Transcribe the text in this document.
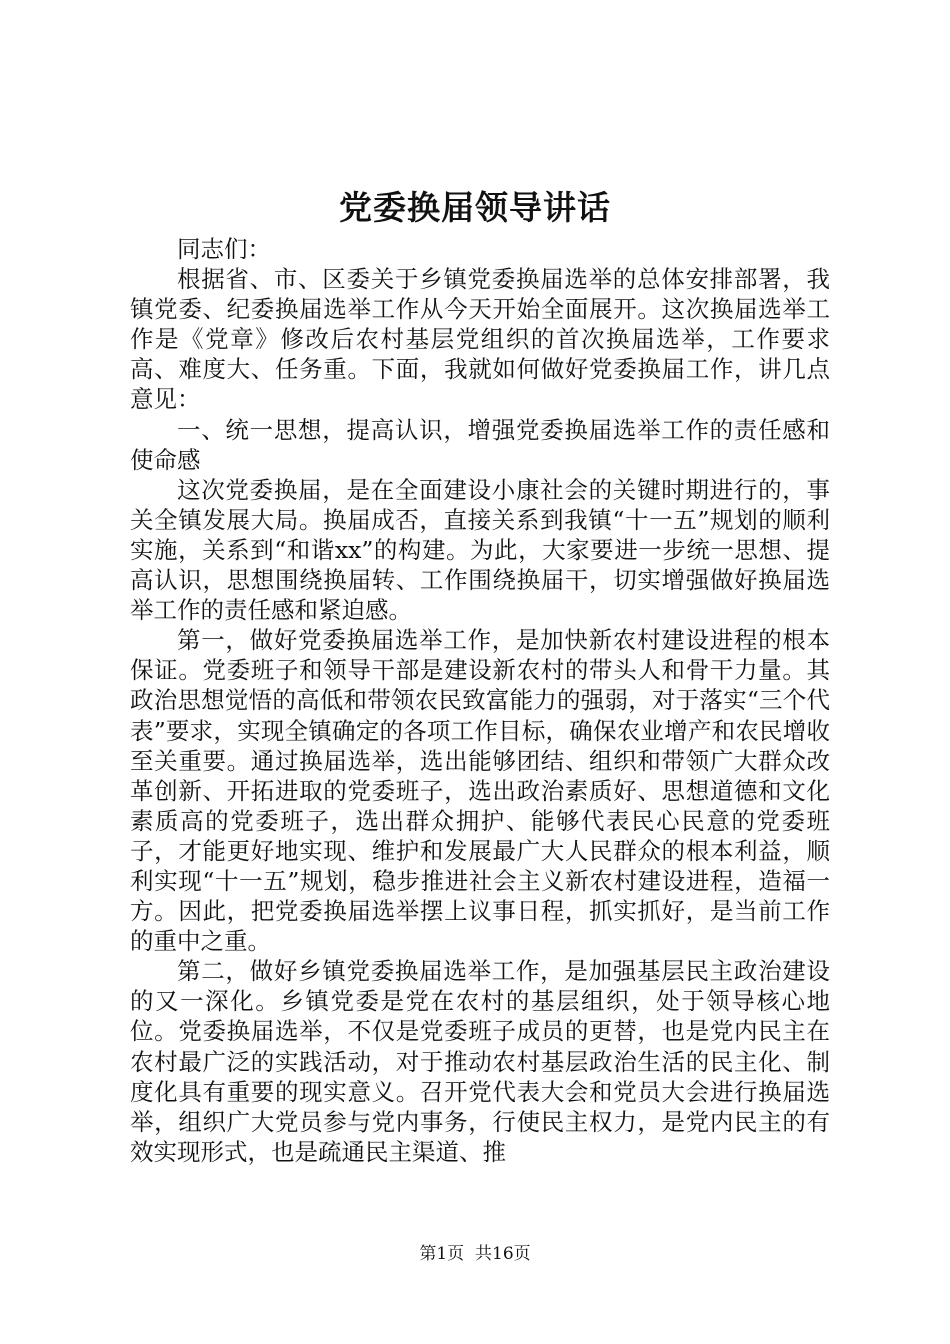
党委换届领导讲话

同志们：

根据省、市、区委关于乡镇党委换届选举的总体安排部署，我镇党委、纪委换届选举工作从今天开始全面展开。这次换届选举工作是《党章》修改后农村基层党组织的首次换届选举，工作要求高、难度大、任务重。下面，我就如何做好党委换届工作，讲几点意见：

一、统一思想，提高认识，增强党委换届选举工作的责任感和使命感

这次党委换届，是在全面建设小康社会的关键时期进行的，事关全镇发展大局。换届成否，直接关系到我镇“十一五”规划的顺利实施，关系到“和谐xx”的构建。为此，大家要进一步统一思想、提高认识，思想围绕换届转、工作围绕换届干，切实增强做好换届选举工作的责任感和紧迫感。

第一，做好党委换届选举工作，是加快新农村建设进程的根本保证。党委班子和领导干部是建设新农村的带头人和骨干力量。其政治思想觉悟的高低和带领农民致富能力的强弱，对于落实“三个代表”要求，实现全镇确定的各项工作目标，确保农业增产和农民增收至关重要。通过换届选举，选出能够团结、组织和带领广大群众改革创新、开拓进取的党委班子，选出政治素质好、思想道德和文化素质高的党委班子，选出群众拥护、能够代表民心民意的党委班子，才能更好地实现、维护和发展最广大人民群众的根本利益，顺利实现“十一五”规划，稳步推进社会主义新农村建设进程，造福一方。因此，把党委换届选举摆上议事日程，抓实抓好，是当前工作的重中之重。

第二，做好乡镇党委换届选举工作，是加强基层民主政治建设的又一深化。乡镇党委是党在农村的基层组织，处于领导核心地位。党委换届选举，不仅是党委班子成员的更替，也是党内民主在农村最广泛的实践活动，对于推动农村基层政治生活的民主化、制度化具有重要的现实意义。召开党代表大会和党员大会进行换届选举，组织广大党员参与党内事务，行使民主权力，是党内民主的有效实现形式，也是疏通民主渠道、推

第1页 共16页
